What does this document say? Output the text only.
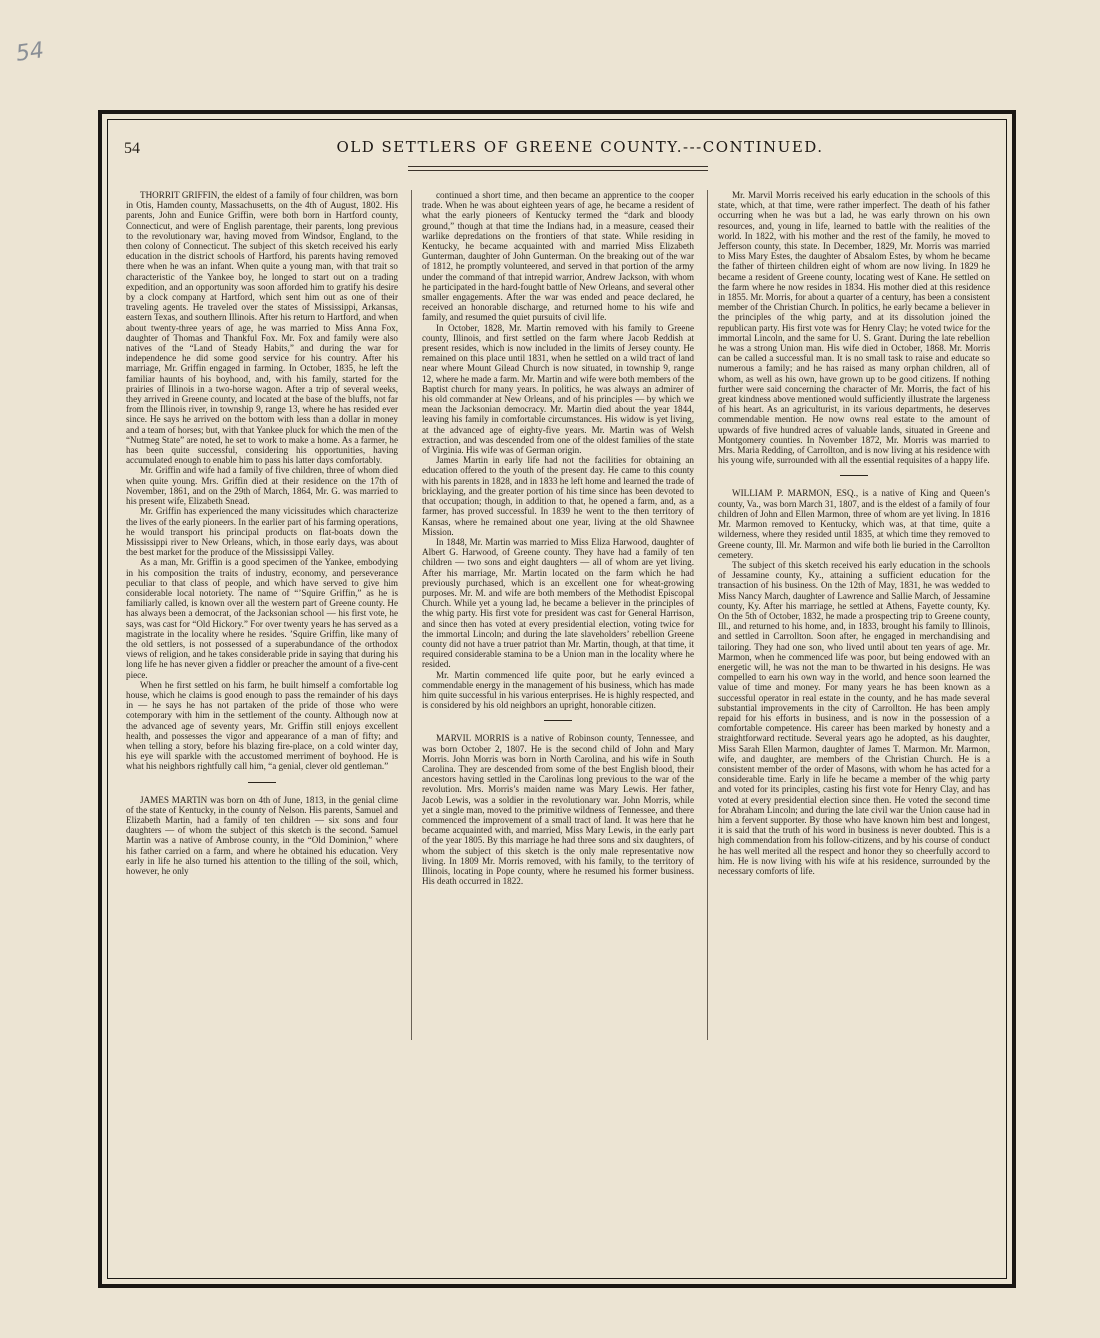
54
54	OLD SETTLERS OF GREENE COUNTY.---CONTINUED.

THORRIT GRIFFIN, the eldest of a family of four children, was born in Otis, Hamden county, Massachusetts, on the 4th of August, 1802. His parents, John and Eunice Griffin, were both born in Hartford county, Connecticut, and were of English parentage, their parents, long previous to the revolutionary war, having moved from Windsor, England, to the then colony of Connecticut. The subject of this sketch received his early education in the district schools of Hartford, his parents having removed there when he was an infant. When quite a young man, with that trait so characteristic of the Yankee boy, he longed to start out on a trading expedition, and an opportunity was soon afforded him to gratify his desire by a clock company at Hartford, which sent him out as one of their traveling agents. He traveled over the states of Mississippi, Arkansas, eastern Texas, and southern Illinois. After his return to Hartford, and when about twenty-three years of age, he was married to Miss Anna Fox, daughter of Thomas and Thankful Fox. Mr. Fox and family were also natives of the “Land of Steady Habits,” and during the war for independence he did some good service for his country. After his marriage, Mr. Griffin engaged in farming. In October, 1835, he left the familiar haunts of his boyhood, and, with his family, started for the prairies of Illinois in a two-horse wagon. After a trip of several weeks, they arrived in Greene county, and located at the base of the bluffs, not far from the Illinois river, in township 9, range 13, where he has resided ever since. He says he arrived on the bottom with less than a dollar in money and a team of horses; but, with that Yankee pluck for which the men of the “Nutmeg State” are noted, he set to work to make a home. As a farmer, he has been quite successful, considering his opportunities, having accumulated enough to enable him to pass his latter days comfortably.

Mr. Griffin and wife had a family of five children, three of whom died when quite young. Mrs. Griffin died at their residence on the 17th of November, 1861, and on the 29th of March, 1864, Mr. G. was married to his present wife, Elizabeth Snead.

Mr. Griffin has experienced the many vicissitudes which characterize the lives of the early pioneers. In the earlier part of his farming operations, he would transport his principal products on flat-boats down the Mississippi river to New Orleans, which, in those early days, was about the best market for the produce of the Mississippi Valley.

As a man, Mr. Griffin is a good specimen of the Yankee, embodying in his composition the traits of industry, economy, and perseverance peculiar to that class of people, and which have served to give him considerable local notoriety. The name of “’Squire Griffin,” as he is familiarly called, is known over all the western part of Greene county. He has always been a democrat, of the Jacksonian school — his first vote, he says, was cast for “Old Hickory.” For over twenty years he has served as a magistrate in the locality where he resides. ’Squire Griffin, like many of the old settlers, is not possessed of a superabundance of the orthodox views of religion, and he takes considerable pride in saying that during his long life he has never given a fiddler or preacher the amount of a five-cent piece.

When he first settled on his farm, he built himself a comfortable log house, which he claims is good enough to pass the remainder of his days in — he says he has not partaken of the pride of those who were cotemporary with him in the settlement of the county. Although now at the advanced age of seventy years, Mr. Griffin still enjoys excellent health, and possesses the vigor and appearance of a man of fifty; and when telling a story, before his blazing fire-place, on a cold winter day, his eye will sparkle with the accustomed merriment of boyhood. He is what his neighbors rightfully call him, “a genial, clever old gentleman.”

JAMES MARTIN was born on 4th of June, 1813, in the genial clime of the state of Kentucky, in the county of Nelson. His parents, Samuel and Elizabeth Martin, had a family of ten children — six sons and four daughters — of whom the subject of this sketch is the second. Samuel Martin was a native of Ambrose county, in the “Old Dominion,” where his father carried on a farm, and where he obtained his education. Very early in life he also turned his attention to the tilling of the soil, which, however, he only

continued a short time, and then became an apprentice to the cooper trade. When he was about eighteen years of age, he became a resident of what the early pioneers of Kentucky termed the “dark and bloody ground,” though at that time the Indians had, in a measure, ceased their warlike depredations on the frontiers of that state. While residing in Kentucky, he became acquainted with and married Miss Elizabeth Gunterman, daughter of John Gunterman. On the breaking out of the war of 1812, he promptly volunteered, and served in that portion of the army under the command of that intrepid warrior, Andrew Jackson, with whom he participated in the hard-fought battle of New Orleans, and several other smaller engagements. After the war was ended and peace declared, he received an honorable discharge, and returned home to his wife and family, and resumed the quiet pursuits of civil life.

In October, 1828, Mr. Martin removed with his family to Greene county, Illinois, and first settled on the farm where Jacob Reddish at present resides, which is now included in the limits of Jersey county. He remained on this place until 1831, when he settled on a wild tract of land near where Mount Gilead Church is now situated, in township 9, range 12, where he made a farm. Mr. Martin and wife were both members of the Baptist church for many years. In politics, he was always an admirer of his old commander at New Orleans, and of his principles — by which we mean the Jacksonian democracy. Mr. Martin died about the year 1844, leaving his family in comfortable circumstances. His widow is yet living, at the advanced age of eighty-five years. Mr. Martin was of Welsh extraction, and was descended from one of the oldest families of the state of Virginia. His wife was of German origin.

James Martin in early life had not the facilities for obtaining an education offered to the youth of the present day. He came to this county with his parents in 1828, and in 1833 he left home and learned the trade of bricklaying, and the greater portion of his time since has been devoted to that occupation; though, in addition to that, he opened a farm, and, as a farmer, has proved successful. In 1839 he went to the then territory of Kansas, where he remained about one year, living at the old Shawnee Mission.

In 1848, Mr. Martin was married to Miss Eliza Harwood, daughter of Albert G. Harwood, of Greene county. They have had a family of ten children — two sons and eight daughters — all of whom are yet living. After his marriage, Mr. Martin located on the farm which he had previously purchased, which is an excellent one for wheat-growing purposes. Mr. M. and wife are both members of the Methodist Episcopal Church. While yet a young lad, he became a believer in the principles of the whig party. His first vote for president was cast for General Harrison, and since then has voted at every presidential election, voting twice for the immortal Lincoln; and during the late slaveholders’ rebellion Greene county did not have a truer patriot than Mr. Martin, though, at that time, it required considerable stamina to be a Union man in the locality where he resided.

Mr. Martin commenced life quite poor, but he early evinced a commendable energy in the management of his business, which has made him quite successful in his various enterprises. He is highly respected, and is considered by his old neighbors an upright, honorable citizen.

MARVIL MORRIS is a native of Robinson county, Tennessee, and was born October 2, 1807. He is the second child of John and Mary Morris. John Morris was born in North Carolina, and his wife in South Carolina. They are descended from some of the best English blood, their ancestors having settled in the Carolinas long previous to the war of the revolution. Mrs. Morris’s maiden name was Mary Lewis. Her father, Jacob Lewis, was a soldier in the revolutionary war. John Morris, while yet a single man, moved to the primitive wildness of Tennessee, and there commenced the improvement of a small tract of land. It was here that he became acquainted with, and married, Miss Mary Lewis, in the early part of the year 1805. By this marriage he had three sons and six daughters, of whom the subject of this sketch is the only male representative now living. In 1809 Mr. Morris removed, with his family, to the territory of Illinois, locating in Pope county, where he resumed his former business. His death occurred in 1822.

Mr. Marvil Morris received his early education in the schools of this state, which, at that time, were rather imperfect. The death of his father occurring when he was but a lad, he was early thrown on his own resources, and, young in life, learned to battle with the realities of the world. In 1822, with his mother and the rest of the family, he moved to Jefferson county, this state. In December, 1829, Mr. Morris was married to Miss Mary Estes, the daughter of Absalom Estes, by whom he became the father of thirteen children eight of whom are now living. In 1829 he became a resident of Greene county, locating west of Kane. He settled on the farm where he now resides in 1834. His mother died at this residence in 1855. Mr. Morris, for about a quarter of a century, has been a consistent member of the Christian Church. In politics, he early became a believer in the principles of the whig party, and at its dissolution joined the republican party. His first vote was for Henry Clay; he voted twice for the immortal Lincoln, and the same for U. S. Grant. During the late rebellion he was a strong Union man. His wife died in October, 1868. Mr. Morris can be called a successful man. It is no small task to raise and educate so numerous a family; and he has raised as many orphan children, all of whom, as well as his own, have grown up to be good citizens. If nothing further were said concerning the character of Mr. Morris, the fact of his great kindness above mentioned would sufficiently illustrate the largeness of his heart. As an agriculturist, in its various departments, he deserves commendable mention. He now owns real estate to the amount of upwards of five hundred acres of valuable lands, situated in Greene and Montgomery counties. In November 1872, Mr. Morris was married to Mrs. Maria Redding, of Carrollton, and is now living at his residence with his young wife, surrounded with all the essential requisites of a happy life.

WILLIAM P. MARMON, ESQ., is a native of King and Queen’s county, Va., was born March 31, 1807, and is the eldest of a family of four children of John and Ellen Marmon, three of whom are yet living. In 1816 Mr. Marmon removed to Kentucky, which was, at that time, quite a wilderness, where they resided until 1835, at which time they removed to Greene county, Ill. Mr. Marmon and wife both lie buried in the Carrollton cemetery.

The subject of this sketch received his early education in the schools of Jessamine county, Ky., attaining a sufficient education for the transaction of his business. On the 12th of May, 1831, he was wedded to Miss Nancy March, daughter of Lawrence and Sallie March, of Jessamine county, Ky. After his marriage, he settled at Athens, Fayette county, Ky. On the 5th of October, 1832, he made a prospecting trip to Greene county, Ill., and returned to his home, and, in 1833, brought his family to Illinois, and settled in Carrollton. Soon after, he engaged in merchandising and tailoring. They had one son, who lived until about ten years of age. Mr. Marmon, when he commenced life was poor, but being endowed with an energetic will, he was not the man to be thwarted in his designs. He was compelled to earn his own way in the world, and hence soon learned the value of time and money. For many years he has been known as a successful operator in real estate in the county, and he has made several substantial improvements in the city of Carrollton. He has been amply repaid for his efforts in business, and is now in the possession of a comfortable competence. His career has been marked by honesty and a straightforward rectitude. Several years ago he adopted, as his daughter, Miss Sarah Ellen Marmon, daughter of James T. Marmon. Mr. Marmon, wife, and daughter, are members of the Christian Church. He is a consistent member of the order of Masons, with whom he has acted for a considerable time. Early in life he became a member of the whig party and voted for its principles, casting his first vote for Henry Clay, and has voted at every presidential election since then. He voted the second time for Abraham Lincoln; and during the late civil war the Union cause had in him a fervent supporter. By those who have known him best and longest, it is said that the truth of his word in business is never doubted. This is a high commendation from his follow-citizens, and by his course of conduct he has well merited all the respect and honor they so cheerfully accord to him. He is now living with his wife at his residence, surrounded by the necessary comforts of life.
